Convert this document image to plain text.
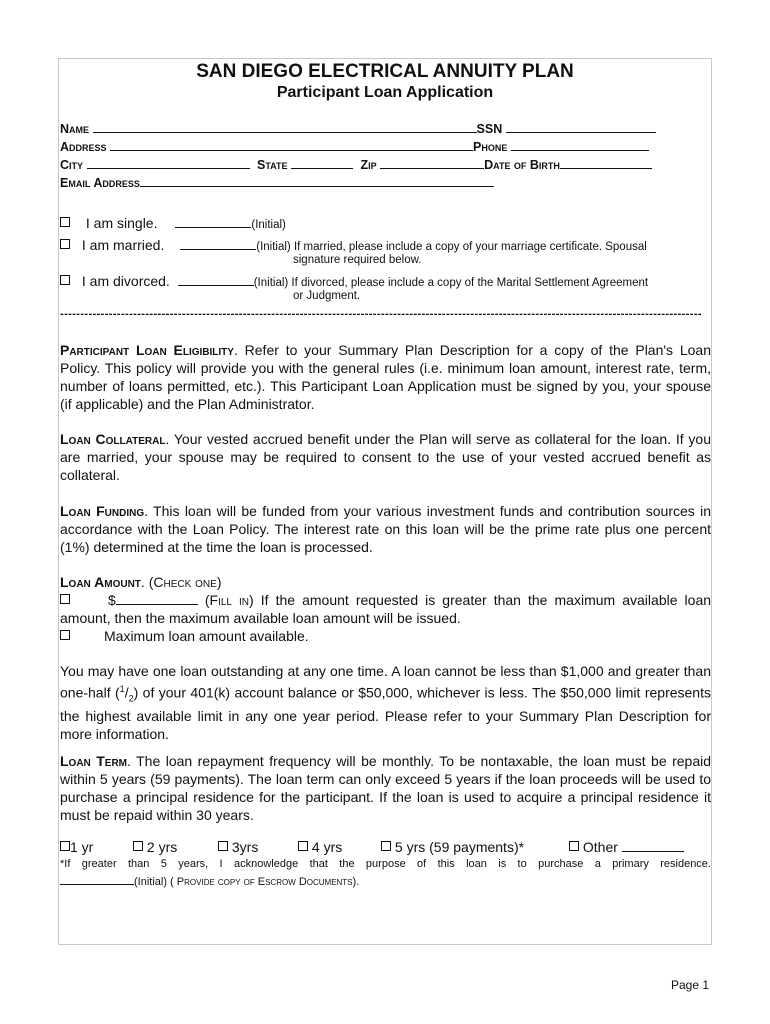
SAN DIEGO ELECTRICAL ANNUITY PLAN
Participant Loan Application
Name	SSN
Address	Phone
City	State	Zip	Date of Birth
Email Address
I am single.	(Initial)
I am married.	(Initial) If married, please include a copy of your marriage certificate. Spousal
signature required below.
I am divorced.	(Initial) If divorced, please include a copy of the Marital Settlement Agreement
or Judgment.
--------------------------------------------------------------------------------------------------------------------------------------------------------------

Participant Loan Eligibility. Refer to your Summary Plan Description for a copy of the Plan's Loan Policy. This policy will provide you with the general rules (i.e. minimum loan amount, interest rate, term, number of loans permitted, etc.). This Participant Loan Application must be signed by you, your spouse (if applicable) and the Plan Administrator.

Loan Collateral. Your vested accrued benefit under the Plan will serve as collateral for the loan. If you are married, your spouse may be required to consent to the use of your vested accrued benefit as collateral.

Loan Funding. This loan will be funded from your various investment funds and contribution sources in accordance with the Loan Policy. The interest rate on this loan will be the prime rate plus one percent (1%) determined at the time the loan is processed.

Loan Amount. (Check one)

$	(Fill in) If the amount requested is greater than the maximum available loan amount, then the maximum available loan amount will be issued.

Maximum loan amount available.

You may have one loan outstanding at any one time. A loan cannot be less than $1,000 and greater than one-half $(^1/_2)$ of your 401(k) account balance or $50,000, whichever is less. The $50,000 limit represents the highest available limit in any one year period. Please refer to your Summary Plan Description for more information.

Loan Term. The loan repayment frequency will be monthly. To be nontaxable, the loan must be repaid within 5 years (59 payments). The loan term can only exceed 5 years if the loan proceeds will be used to purchase a principal residence for the participant. If the loan is used to acquire a principal residence it must be repaid within 30 years.

1 yr	2 yrs	3yrs	4 yrs	5 yrs (59 payments)*	Other
*If greater than 5 years, I acknowledge that the purpose of this loan is to purchase a primary residence.
(Initial) ( Provide copy of Escrow Documents).
Page 1
